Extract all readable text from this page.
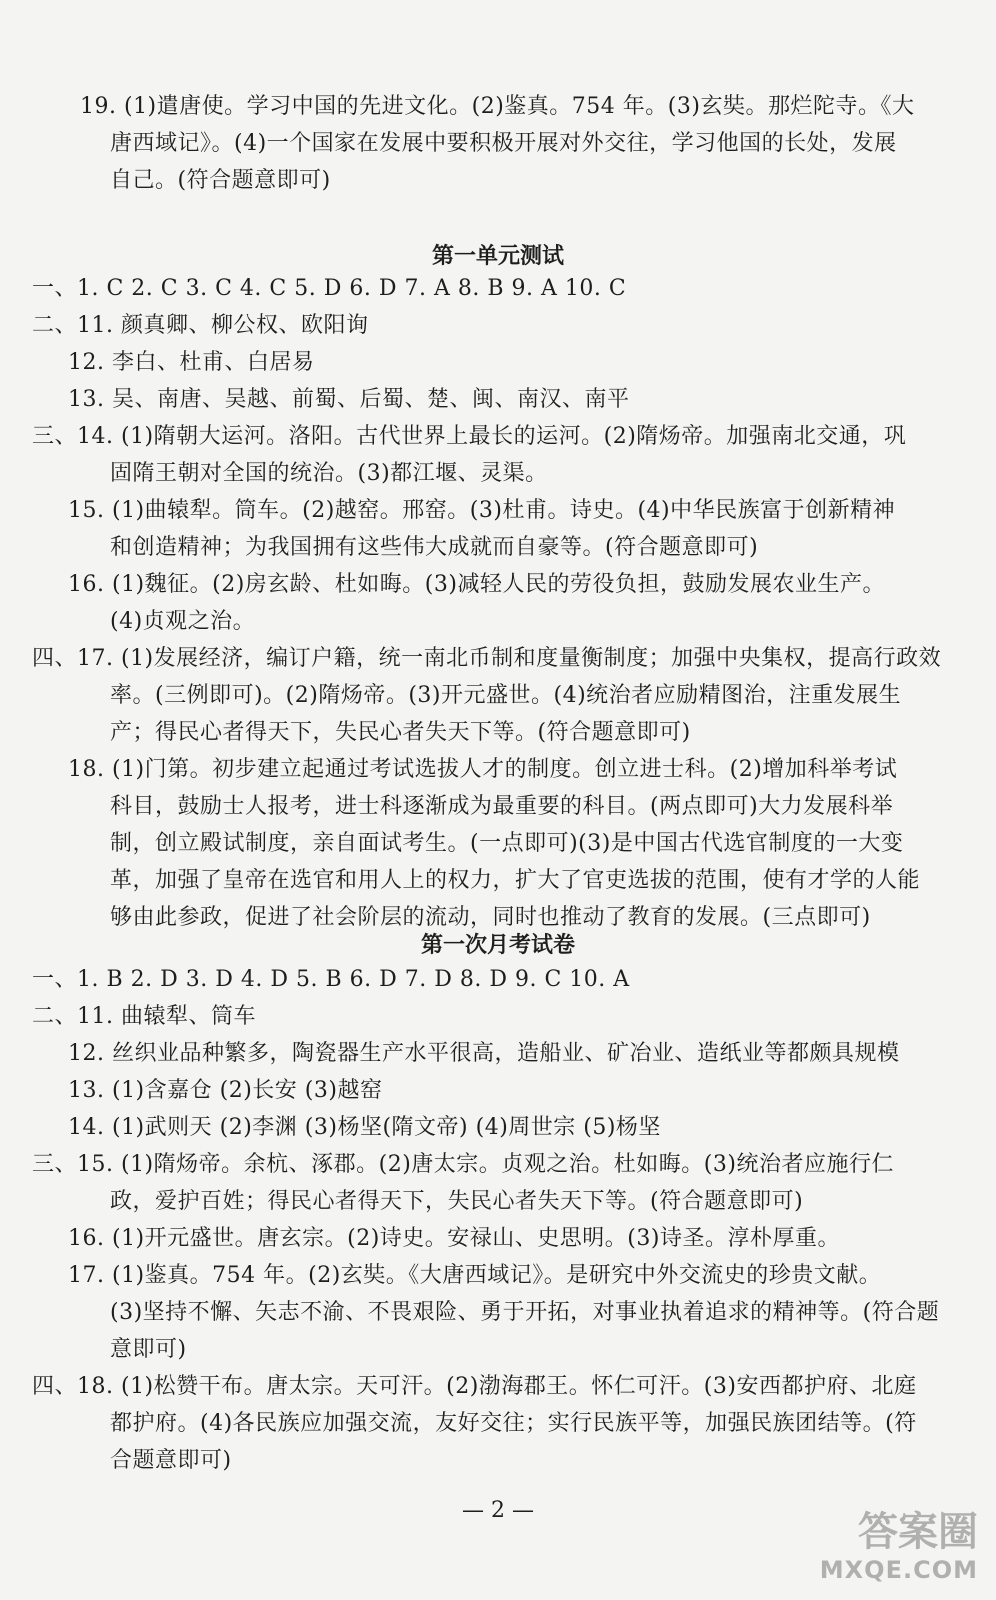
19. (1)遣唐使。学习中国的先进文化。(2)鉴真。754 年。(3)玄奘。那烂陀寺。《大
唐西域记》。(4)一个国家在发展中要积极开展对外交往，学习他国的长处，发展
自己。(符合题意即可)
第一单元测试
一、1. C 2. C 3. C 4. C 5. D 6. D 7. A 8. B 9. A 10. C
二、11. 颜真卿、柳公权、欧阳询
12. 李白、杜甫、白居易
13. 吴、南唐、吴越、前蜀、后蜀、楚、闽、南汉、南平
三、14. (1)隋朝大运河。洛阳。古代世界上最长的运河。(2)隋炀帝。加强南北交通，巩
固隋王朝对全国的统治。(3)都江堰、灵渠。
15. (1)曲辕犁。筒车。(2)越窑。邢窑。(3)杜甫。诗史。(4)中华民族富于创新精神
和创造精神；为我国拥有这些伟大成就而自豪等。(符合题意即可)
16. (1)魏征。(2)房玄龄、杜如晦。(3)减轻人民的劳役负担，鼓励发展农业生产。
(4)贞观之治。
四、17. (1)发展经济，编订户籍，统一南北币制和度量衡制度；加强中央集权，提高行政效
率。(三例即可)。(2)隋炀帝。(3)开元盛世。(4)统治者应励精图治，注重发展生
产；得民心者得天下，失民心者失天下等。(符合题意即可)
18. (1)门第。初步建立起通过考试选拔人才的制度。创立进士科。(2)增加科举考试
科目，鼓励士人报考，进士科逐渐成为最重要的科目。(两点即可)大力发展科举
制，创立殿试制度，亲自面试考生。(一点即可)(3)是中国古代选官制度的一大变
革，加强了皇帝在选官和用人上的权力，扩大了官吏选拔的范围，使有才学的人能
够由此参政，促进了社会阶层的流动，同时也推动了教育的发展。(三点即可)
第一次月考试卷
一、1. B 2. D 3. D 4. D 5. B 6. D 7. D 8. D 9. C 10. A
二、11. 曲辕犁、筒车
12. 丝织业品种繁多，陶瓷器生产水平很高，造船业、矿冶业、造纸业等都颇具规模
13. (1)含嘉仓 (2)长安 (3)越窑
14. (1)武则天 (2)李渊 (3)杨坚(隋文帝) (4)周世宗 (5)杨坚
三、15. (1)隋炀帝。余杭、涿郡。(2)唐太宗。贞观之治。杜如晦。(3)统治者应施行仁
政，爱护百姓；得民心者得天下，失民心者失天下等。(符合题意即可)
16. (1)开元盛世。唐玄宗。(2)诗史。安禄山、史思明。(3)诗圣。淳朴厚重。
17. (1)鉴真。754 年。(2)玄奘。《大唐西域记》。是研究中外交流史的珍贵文献。
(3)坚持不懈、矢志不渝、不畏艰险、勇于开拓，对事业执着追求的精神等。(符合题
意即可)
四、18. (1)松赞干布。唐太宗。天可汗。(2)渤海郡王。怀仁可汗。(3)安西都护府、北庭
都护府。(4)各民族应加强交流，友好交往；实行民族平等，加强民族团结等。(符
合题意即可)
— 2 —	答案圈
MXQE.COM
